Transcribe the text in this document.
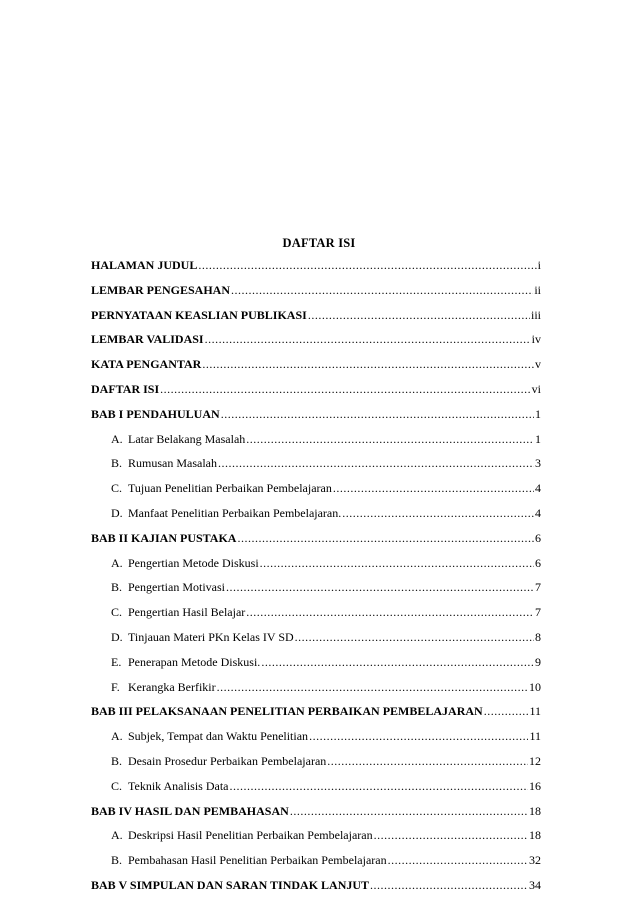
DAFTAR ISI
HALAMAN JUDUL .....	i
LEMBAR PENGESAHAN .....	ii
PERNYATAAN KEASLIAN PUBLIKASI .....	iii
LEMBAR VALIDASI .....	iv
KATA PENGANTAR .....	v
DAFTAR ISI .....	vi
BAB I PENDAHULUAN .....	1
A. Latar Belakang Masalah .....	1
B. Rumusan Masalah .....	3
C. Tujuan Penelitian Perbaikan Pembelajaran .....	4
D. Manfaat Penelitian Perbaikan Pembelajaran. .....	4
BAB II KAJIAN PUSTAKA .....	6
A. Pengertian Metode Diskusi .....	6
B. Pengertian Motivasi .....	7
C. Pengertian Hasil Belajar .....	7
D. Tinjauan Materi PKn Kelas IV SD .....	8
E. Penerapan Metode Diskusi. .....	9
F. Kerangka Berfikir .....	10
BAB III PELAKSANAAN PENELITIAN PERBAIKAN PEMBELAJARAN .....	11
A. Subjek, Tempat dan Waktu Penelitian .....	11
B. Desain Prosedur Perbaikan Pembelajaran .....	12
C. Teknik Analisis Data .....	16
BAB IV HASIL DAN PEMBAHASAN .....	18
A. Deskripsi Hasil Penelitian Perbaikan Pembelajaran .....	18
B. Pembahasan Hasil Penelitian Perbaikan Pembelajaran .....	32
BAB V SIMPULAN DAN SARAN TINDAK LANJUT .....	34
